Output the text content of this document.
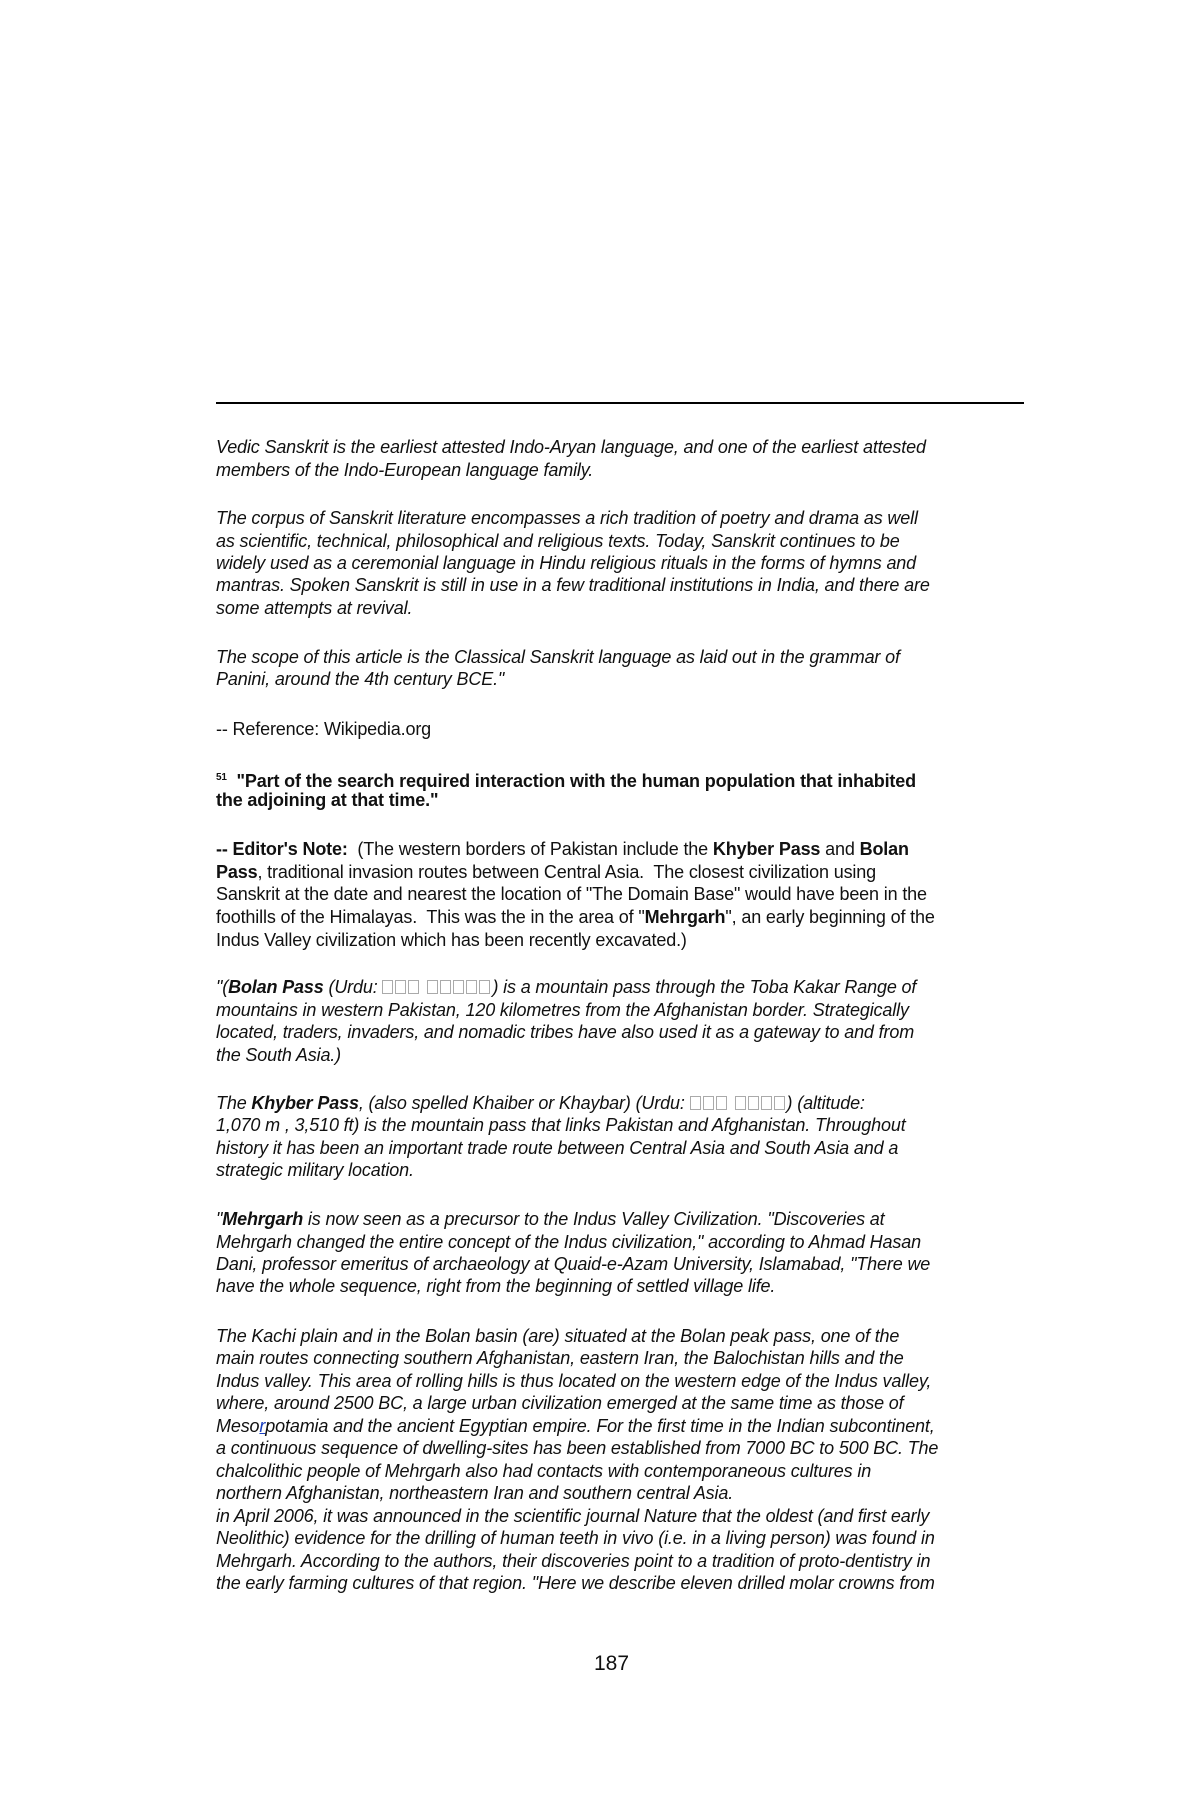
Vedic Sanskrit is the earliest attested Indo-Aryan language, and one of the earliest attested
members of the Indo-European language family.
The corpus of Sanskrit literature encompasses a rich tradition of poetry and drama as well
as scientific, technical, philosophical and religious texts. Today, Sanskrit continues to be
widely used as a ceremonial language in Hindu religious rituals in the forms of hymns and
mantras. Spoken Sanskrit is still in use in a few traditional institutions in India, and there are
some attempts at revival.
The scope of this article is the Classical Sanskrit language as laid out in the grammar of
Panini, around the 4th century BCE."
-- Reference: Wikipedia.org
$^{51}$ "Part of the search required interaction with the human population that inhabited
the adjoining at that time."
-- Editor's Note:  (The western borders of Pakistan include the Khyber Pass and Bolan
Pass, traditional invasion routes between Central Asia.  The closest civilization using
Sanskrit at the date and nearest the location of "The Domain Base" would have been in the
foothills of the Himalayas.  This was the in the area of "Mehrgarh", an early beginning of the
Indus Valley civilization which has been recently excavated.)
"(Bolan Pass (Urdu:	) is a mountain pass through the Toba Kakar Range of
mountains in western Pakistan, 120 kilometres from the Afghanistan border. Strategically
located, traders, invaders, and nomadic tribes have also used it as a gateway to and from
the South Asia.)
The Khyber Pass, (also spelled Khaiber or Khaybar) (Urdu:	) (altitude:
1,070 m , 3,510 ft) is the mountain pass that links Pakistan and Afghanistan. Throughout
history it has been an important trade route between Central Asia and South Asia and a
strategic military location.
"Mehrgarh is now seen as a precursor to the Indus Valley Civilization. "Discoveries at
Mehrgarh changed the entire concept of the Indus civilization," according to Ahmad Hasan
Dani, professor emeritus of archaeology at Quaid-e-Azam University, Islamabad, "There we
have the whole sequence, right from the beginning of settled village life.
The Kachi plain and in the Bolan basin (are) situated at the Bolan peak pass, one of the
main routes connecting southern Afghanistan, eastern Iran, the Balochistan hills and the
Indus valley. This area of rolling hills is thus located on the western edge of the Indus valley,
where, around 2500 BC, a large urban civilization emerged at the same time as those of
Mesorpotamia and the ancient Egyptian empire. For the first time in the Indian subcontinent,
a continuous sequence of dwelling-sites has been established from 7000 BC to 500 BC. The
chalcolithic people of Mehrgarh also had contacts with contemporaneous cultures in
northern Afghanistan, northeastern Iran and southern central Asia.
in April 2006, it was announced in the scientific journal Nature that the oldest (and first early
Neolithic) evidence for the drilling of human teeth in vivo (i.e. in a living person) was found in
Mehrgarh. According to the authors, their discoveries point to a tradition of proto-dentistry in
the early farming cultures of that region. "Here we describe eleven drilled molar crowns from
187
